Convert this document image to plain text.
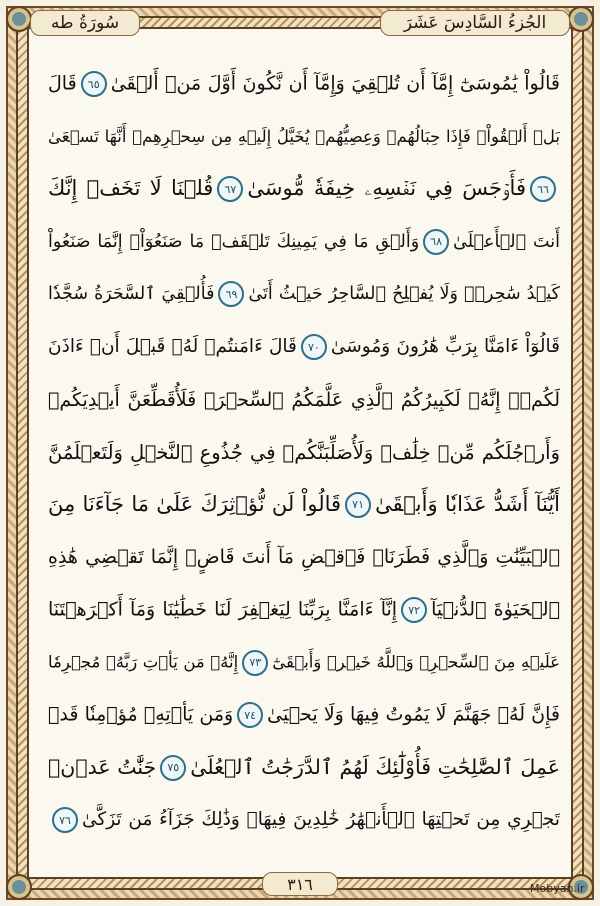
الجُزءُ السَّادِسَ عَشَرَ
سُورَةُ طه
قَالُواْ يَٰمُوسَىٰٓ إِمَّآ أَن تُلۡقِيَ وَإِمَّآ أَن نَّكُونَ أَوَّلَ مَنۡ أَلۡقَىٰ٦٥قَالَ
بَلۡ أَلۡقُواْۖ فَإِذَا حِبَالُهُمۡ وَعِصِيُّهُمۡ يُخَيَّلُ إِلَيۡهِ مِن سِحۡرِهِمۡ أَنَّهَا تَسۡعَىٰ
٦٦فَأَوۡجَسَ فِي نَفۡسِهِۦ خِيفَةٗ مُّوسَىٰ٦٧قُلۡنَا لَا تَخَفۡ إِنَّكَ
أَنتَ ٱلۡأَعۡلَىٰ٦٨وَأَلۡقِ مَا فِي يَمِينِكَ تَلۡقَفۡ مَا صَنَعُوٓاْۖ إِنَّمَا صَنَعُواْ
كَيۡدُ سَٰحِرٖۖ وَلَا يُفۡلِحُ ٱلسَّاحِرُ حَيۡثُ أَتَىٰ٦٩فَأُلۡقِيَ ٱلسَّحَرَةُ سُجَّدٗا
قَالُوٓاْ ءَامَنَّا بِرَبِّ هَٰرُونَ وَمُوسَىٰ٧٠قَالَ ءَامَنتُمۡ لَهُۥ قَبۡلَ أَنۡ ءَاذَنَ
لَكُمۡۖ إِنَّهُۥ لَكَبِيرُكُمُ ٱلَّذِي عَلَّمَكُمُ ٱلسِّحۡرَۖ فَلَأُقَطِّعَنَّ أَيۡدِيَكُمۡ
وَأَرۡجُلَكُم مِّنۡ خِلَٰفٖ وَلَأُصَلِّبَنَّكُمۡ فِي جُذُوعِ ٱلنَّخۡلِ وَلَتَعۡلَمُنَّ
أَيُّنَآ أَشَدُّ عَذَابٗا وَأَبۡقَىٰ٧١قَالُواْ لَن نُّؤۡثِرَكَ عَلَىٰ مَا جَآءَنَا مِنَ
ٱلۡبَيِّنَٰتِ وَٱلَّذِي فَطَرَنَاۖ فَٱقۡضِ مَآ أَنتَ قَاضٍۖ إِنَّمَا تَقۡضِي هَٰذِهِ
ٱلۡحَيَوٰةَ ٱلدُّنۡيَآ٧٢إِنَّآ ءَامَنَّا بِرَبِّنَا لِيَغۡفِرَ لَنَا خَطَٰيَٰنَا وَمَآ أَكۡرَهۡتَنَا
عَلَيۡهِ مِنَ ٱلسِّحۡرِۗ وَٱللَّهُ خَيۡرٞ وَأَبۡقَىٰٓ٧٣إِنَّهُۥ مَن يَأۡتِ رَبَّهُۥ مُجۡرِمٗا
فَإِنَّ لَهُۥ جَهَنَّمَ لَا يَمُوتُ فِيهَا وَلَا يَحۡيَىٰ٧٤وَمَن يَأۡتِهِۦ مُؤۡمِنٗا قَدۡ
عَمِلَ ٱلصَّٰلِحَٰتِ فَأُوْلَٰٓئِكَ لَهُمُ ٱلدَّرَجَٰتُ ٱلۡعُلَىٰ٧٥جَنَّٰتُ عَدۡنٖ
تَجۡرِي مِن تَحۡتِهَا ٱلۡأَنۡهَٰرُ خَٰلِدِينَ فِيهَاۚ وَذَٰلِكَ جَزَآءُ مَن تَزَكَّىٰ٧٦
٣١٦	Mobyan.ir
